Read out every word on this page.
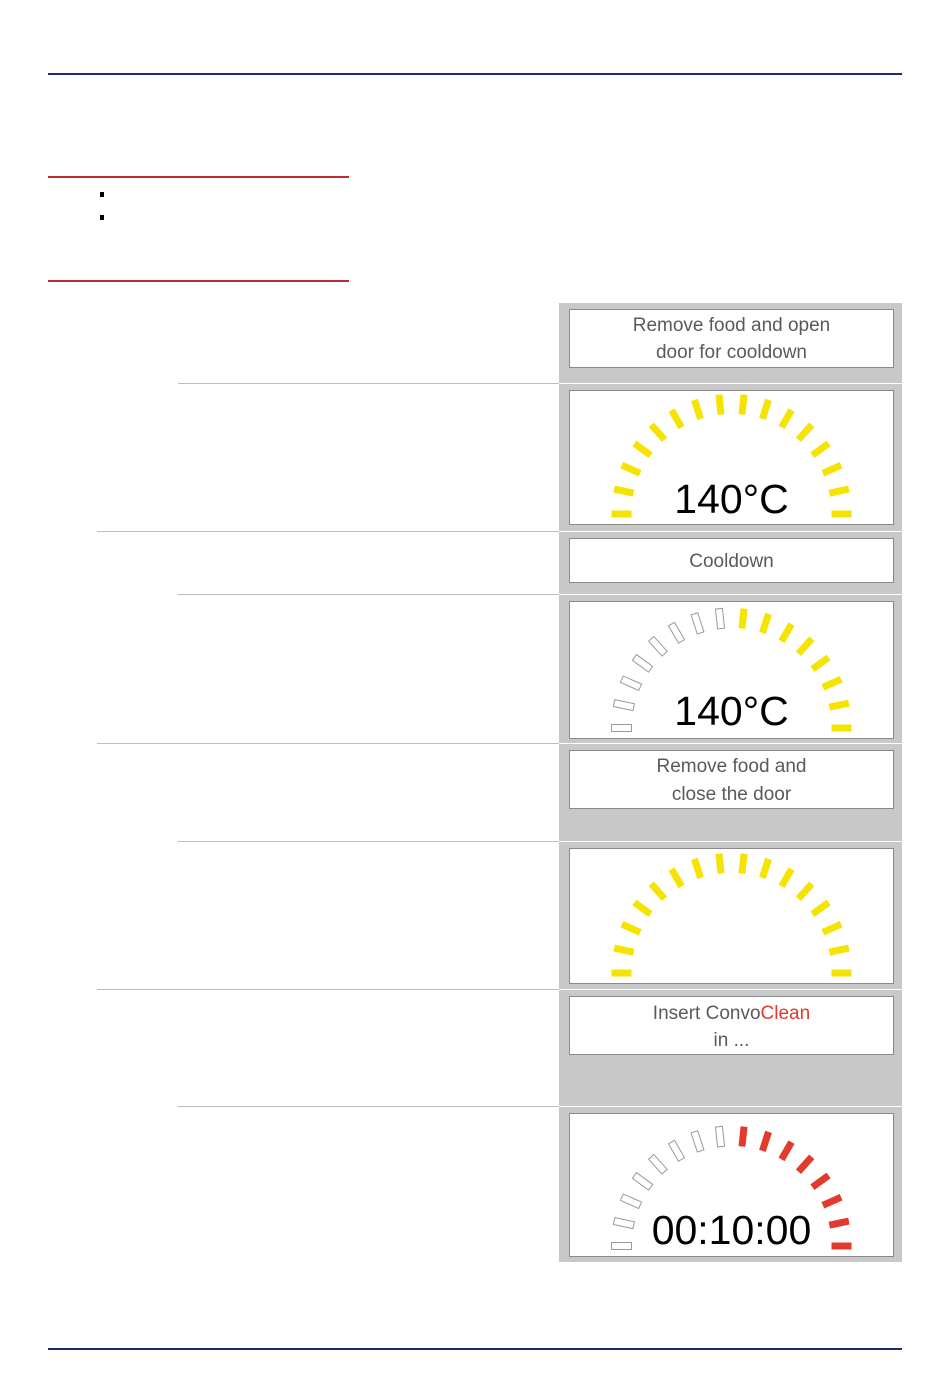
Remove food and open
door for cooldown
140°C
Cooldown
140°C
Remove food and
close the door
Insert ConvoClean
in ...
00:10:00
